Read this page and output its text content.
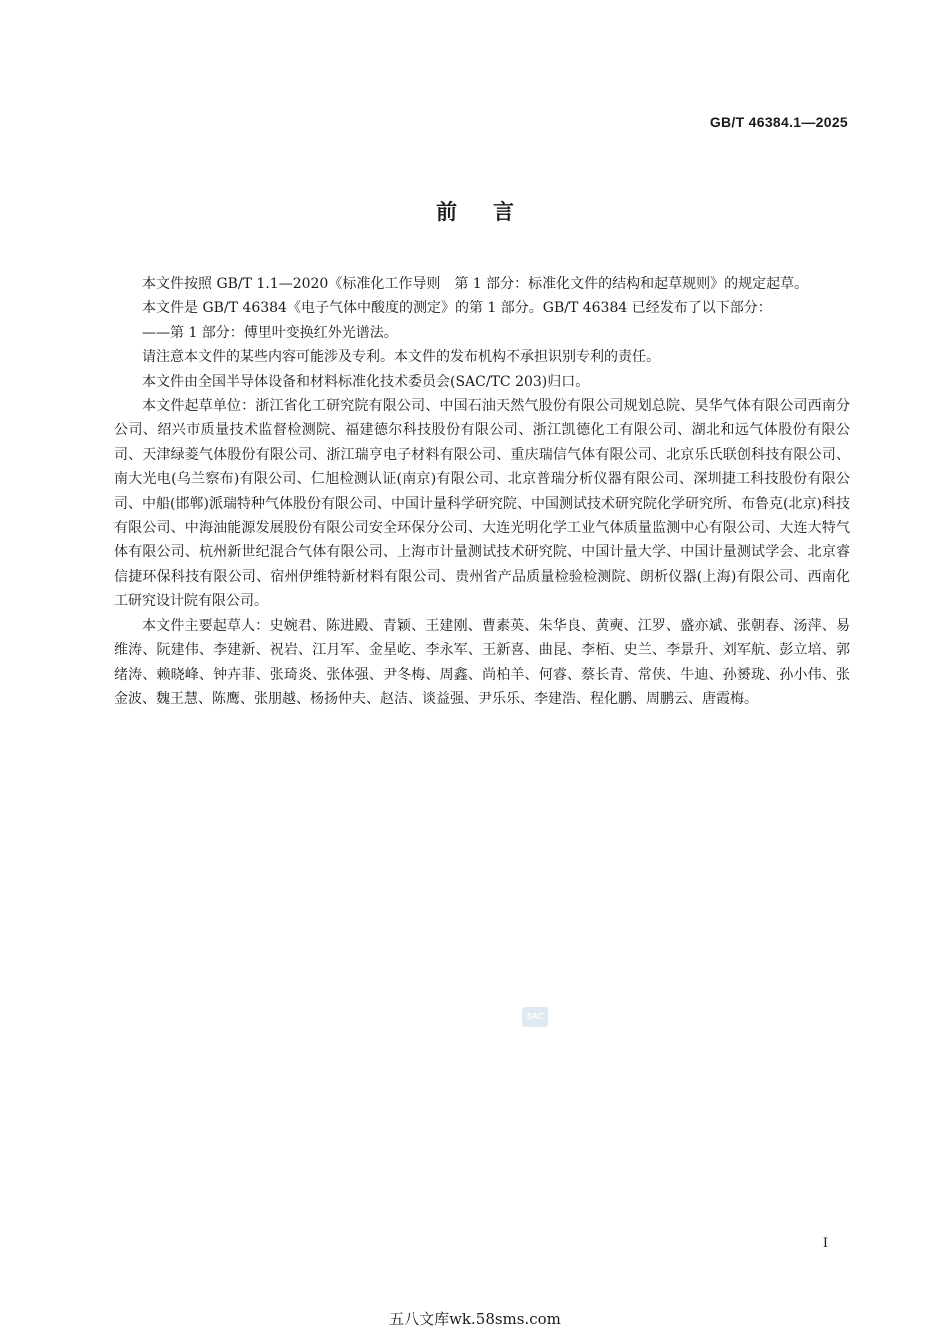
GB/T 46384.1—2025
前言

本文件按照 GB/T 1.1—2020《标准化工作导则　第 1 部分：标准化文件的结构和起草规则》的规定起草。

本文件是 GB/T 46384《电子气体中酸度的测定》的第 1 部分。GB/T 46384 已经发布了以下部分：

——第 1 部分：傅里叶变换红外光谱法。

请注意本文件的某些内容可能涉及专利。本文件的发布机构不承担识别专利的责任。

本文件由全国半导体设备和材料标准化技术委员会(SAC/TC 203)归口。

本文件起草单位：浙江省化工研究院有限公司、中国石油天然气股份有限公司规划总院、昊华气体有限公司西南分公司、绍兴市质量技术监督检测院、福建德尔科技股份有限公司、浙江凯德化工有限公司、湖北和远气体股份有限公司、天津绿菱气体股份有限公司、浙江瑞亨电子材料有限公司、重庆瑞信气体有限公司、北京乐氏联创科技有限公司、南大光电(乌兰察布)有限公司、仁旭检测认证(南京)有限公司、北京普瑞分析仪器有限公司、深圳捷工科技股份有限公司、中船(邯郸)派瑞特种气体股份有限公司、中国计量科学研究院、中国测试技术研究院化学研究所、布鲁克(北京)科技有限公司、中海油能源发展股份有限公司安全环保分公司、大连光明化学工业气体质量监测中心有限公司、大连大特气体有限公司、杭州新世纪混合气体有限公司、上海市计量测试技术研究院、中国计量大学、中国计量测试学会、北京睿信捷环保科技有限公司、宿州伊维特新材料有限公司、贵州省产品质量检验检测院、朗析仪器(上海)有限公司、西南化工研究设计院有限公司。

本文件主要起草人：史婉君、陈进殿、青颖、王建刚、曹素英、朱华良、黄奭、江罗、盛亦斌、张朝春、汤萍、易维涛、阮建伟、李建新、祝岩、江月军、金星屹、李永军、王新喜、曲昆、李栢、史兰、李景升、刘军航、彭立培、郭绪涛、赖晓峰、钟卉菲、张琦炎、张体强、尹冬梅、周鑫、尚柏羊、何睿、蔡长青、常侠、牛迪、孙赟珑、孙小伟、张金波、魏王慧、陈鹰、张朋越、杨扬仲夫、赵洁、谈益强、尹乐乐、李建浩、程化鹏、周鹏云、唐霞梅。

SAC
I
五八文库wk.58sms.com
